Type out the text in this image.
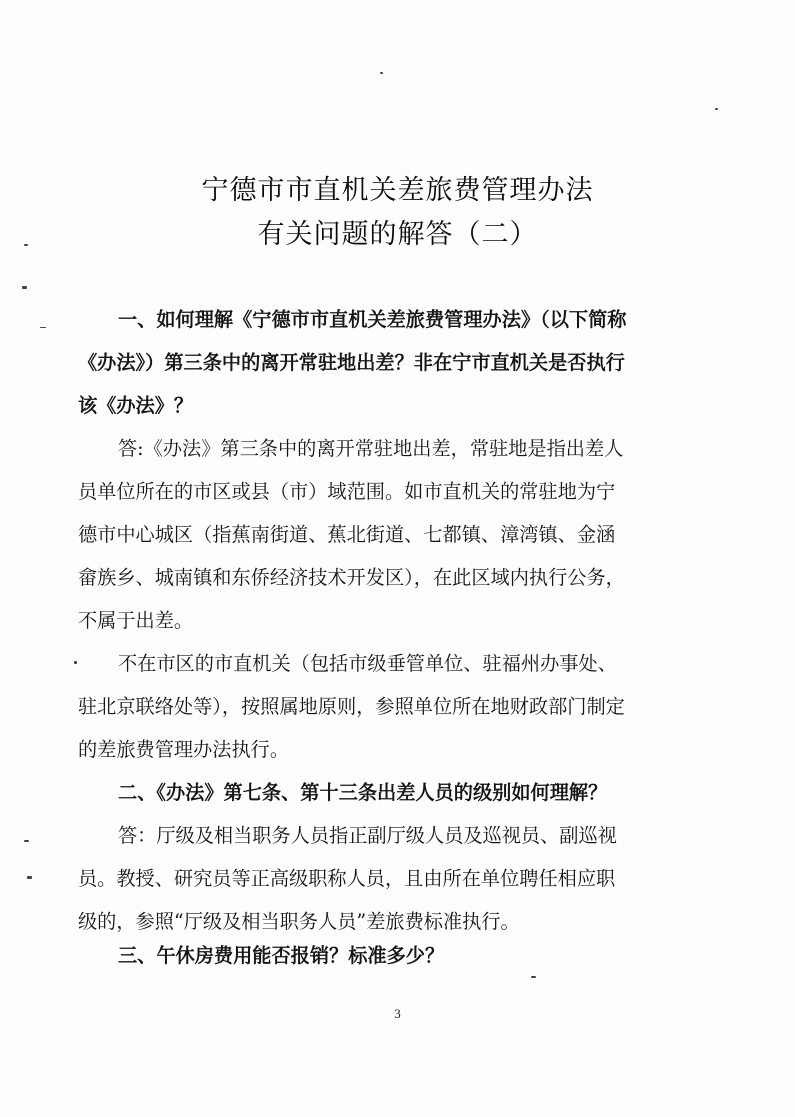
宁德市市直机关差旅费管理办法
有关问题的解答（二）
一、如何理解《宁德市市直机关差旅费管理办法》（以下简称
《办法》）第三条中的离开常驻地出差？非在宁市直机关是否执行
该《办法》？
答:《办法》第三条中的离开常驻地出差，常驻地是指出差人
员单位所在的市区或县（市）域范围。如市直机关的常驻地为宁
德市中心城区（指蕉南街道、蕉北街道、七都镇、漳湾镇、金涵
畲族乡、城南镇和东侨经济技术开发区），在此区域内执行公务，
不属于出差。
不在市区的市直机关（包括市级垂管单位、驻福州办事处、
驻北京联络处等），按照属地原则，参照单位所在地财政部门制定
的差旅费管理办法执行。
二、《办法》第七条、第十三条出差人员的级别如何理解？
答：厅级及相当职务人员指正副厅级人员及巡视员、副巡视
员。教授、研究员等正高级职称人员，且由所在单位聘任相应职
级的，参照“厅级及相当职务人员”差旅费标准执行。
三、午休房费用能否报销？标准多少？
3
